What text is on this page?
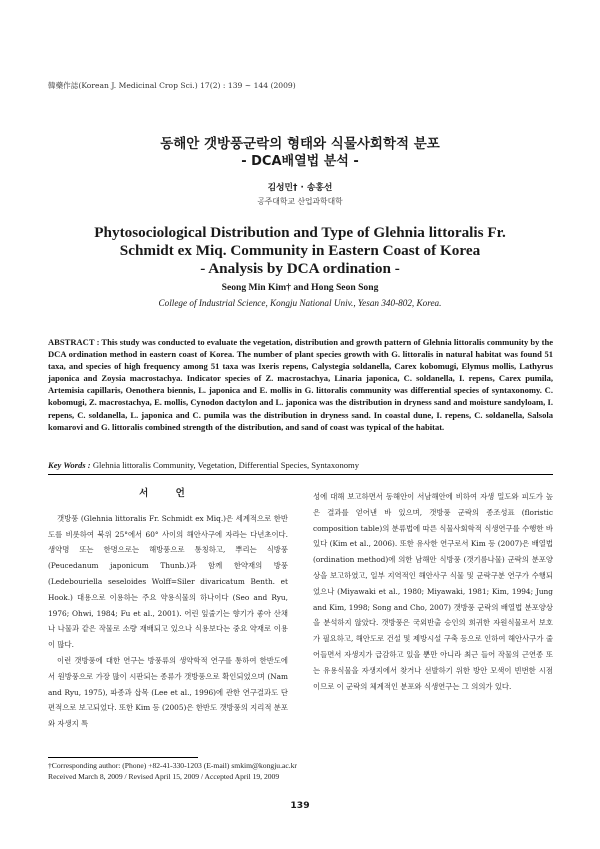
韓藥作誌(Korean J. Medicinal Crop Sci.) 17(2) : 139 ~ 144 (2009)
동해안 갯방풍군락의 형태와 식물사회학적 분포
- DCA배열법 분석 -
김성민† · 송홍선
공주대학교 산업과학대학
Phytosociological Distribution and Type of Glehnia littoralis Fr.
Schmidt ex Miq. Community in Eastern Coast of Korea
- Analysis by DCA ordination -
Seong Min Kim† and Hong Seon Song
College of Industrial Science, Kongju National Univ., Yesan 340-802, Korea.
ABSTRACT : This study was conducted to evaluate the vegetation, distribution and growth pattern of Glehnia littoralis community by the DCA ordination method in eastern coast of Korea. The number of plant species growth with G. littoralis in natural habitat was found 51 taxa, and species of high frequency among 51 taxa was Ixeris repens, Calystegia soldanella, Carex kobomugi, Elymus mollis, Lathyrus japonica and Zoysia macrostachya. Indicator species of Z. macrostachya, Linaria japonica, C. soldanella, I. repens, Carex pumila, Artemisia capillaris, Oenothera biennis, L. japonica and E. mollis in G. littoralis community was differential species of syntaxonomy. C. kobomugi, Z. macrostachya, E. mollis, Cynodon dactylon and L. japonica was the distribution in dryness sand and moisture sandyloam, I. repens, C. soldanella, L. japonica and C. pumila was the distribution in dryness sand. In coastal dune, I. repens, C. soldanella, Salsola komarovi and G. littoralis combined strength of the distribution, and sand of coast was typical of the habitat.
Key Words : Glehnia littoralis Community, Vegetation, Differential Species, Syntaxonomy
서 언

갯방풍 (Glehnia littoralis Fr. Schmidt ex Miq.)은 세계적으로 한반도를 비롯하여 북위 25°에서 60° 사이의 해안사구에 자라는 다년초이다. 생약명 또는 한명으로는 해방풍으로 통칭하고, 뿌리는 식방풍 (Peucedanum japonicum Thunb.)과 함께 한약재의 방풍 (Ledebouriella seseloides Wolff=Siler divaricatum Benth. et Hook.) 대용으로 이용하는 주요 약용식물의 하나이다 (Seo and Ryu, 1976; Ohwi, 1984; Fu et al., 2001). 어린 잎줄기는 향기가 좋아 산채나 나물과 같은 작물로 소량 재배되고 있으나 식용보다는 중요 약재로 이용이 많다.

이런 갯방풍에 대한 연구는 방풍류의 생약학적 연구를 통하여 한반도에서 원방풍으로 가장 많이 시판되는 종류가 갯방풍으로 확인되었으며 (Nam and Ryu, 1975), 파종과 삽목 (Lee et al., 1996)에 관한 연구결과도 단편적으로 보고되었다. 또한 Kim 등 (2005)은 한반도 갯방풍의 지리적 분포와 자생지 특

성에 대해 보고하면서 동해안이 서남해안에 비하여 자생 밀도와 피도가 높은 결과를 얻어낸 바 있으며, 갯방풍 군락의 종조성표 (floristic composition table)의 분류법에 따른 식물사회학적 식생연구를 수행한 바 있다 (Kim et al., 2006). 또한 유사한 연구로서 Kim 등 (2007)은 배열법 (ordination method)에 의한 남해안 식방풍 (갯기름나물) 군락의 분포양상을 보고하였고, 일부 지역적인 해안사구 식물 및 군락구분 연구가 수행되었으나 (Miyawaki et al., 1980; Miyawaki, 1981; Kim, 1994; Jung and Kim, 1998; Song and Cho, 2007) 갯방풍 군락의 배열법 분포양상을 분석하지 않았다. 갯방풍은 국외반출 승인의 희귀한 자원식물로서 보호가 필요하고, 해안도로 건설 및 제방시설 구축 등으로 인하여 해안사구가 줄어들면서 자생지가 급감하고 있을 뿐만 아니라 최근 들어 작물의 근연종 또는 유용식물을 자생지에서 찾거나 선발하기 위한 방안 모색이 빈번한 시점이므로 이 군락의 체계적인 분포와 식생연구는 그 의의가 있다.

†Corresponding author: (Phone) +82-41-330-1203 (E-mail) smkim@kongju.ac.kr
Received March 8, 2009 / Revised April 15, 2009 / Accepted April 19, 2009
139
